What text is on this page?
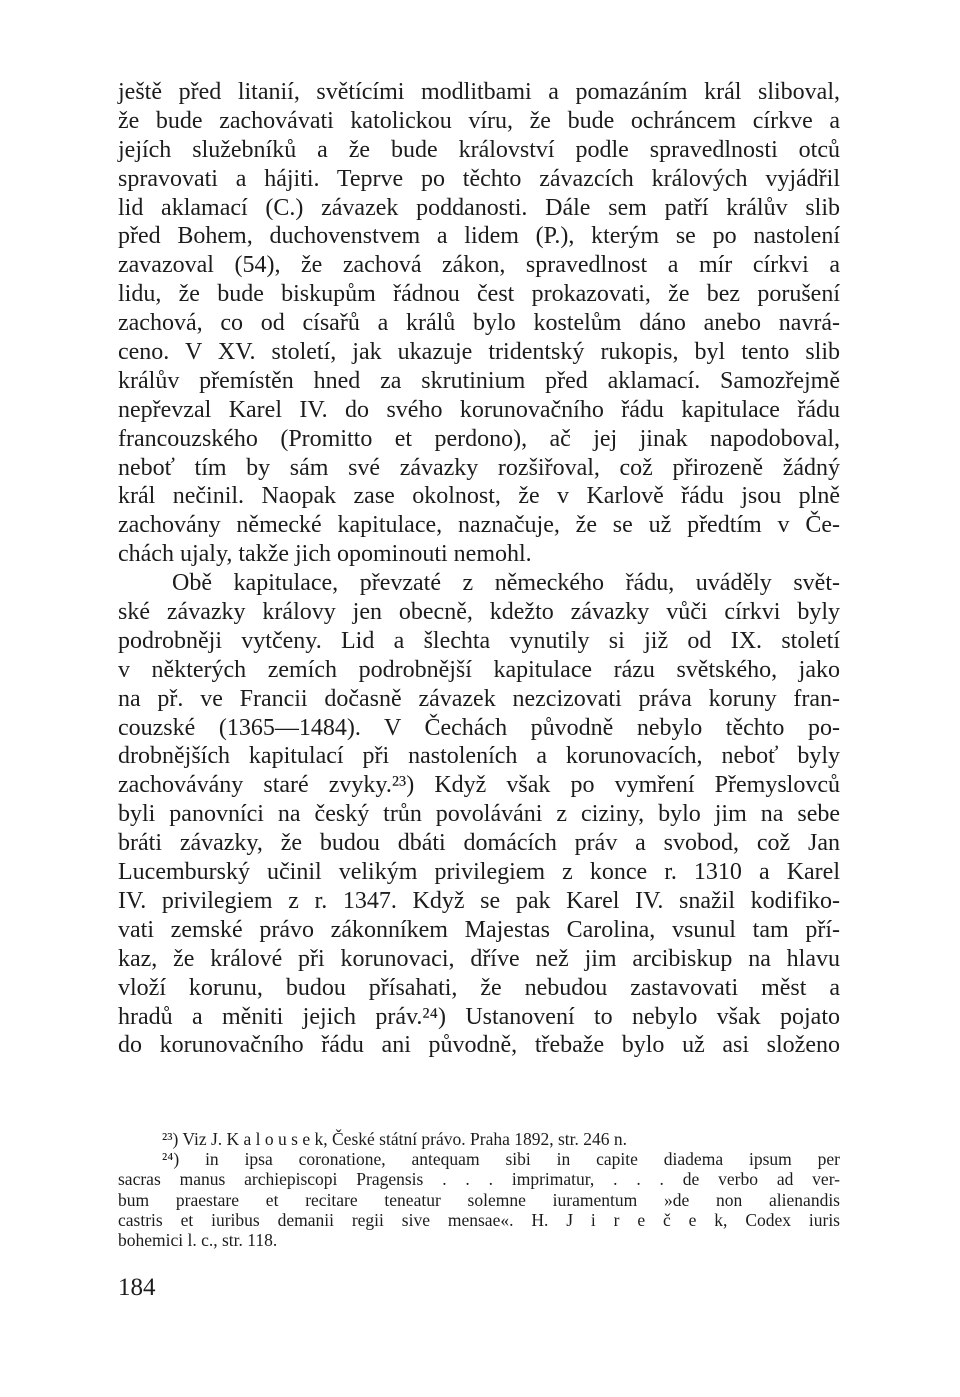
ještě před litanií, světícími modlitbami a pomazáním král sliboval,
že bude zachovávati katolickou víru, že bude ochráncem církve a
jejích služebníků a že bude království podle spravedlnosti otců
spravovati a hájiti. Teprve po těchto závazcích králových vyjádřil
lid aklamací (C.) závazek poddanosti. Dále sem patří králův slib
před Bohem, duchovenstvem a lidem (P.), kterým se po nastolení
zavazoval (54), že zachová zákon, spravedlnost a mír církvi a
lidu, že bude biskupům řádnou čest prokazovati, že bez porušení
zachová, co od císařů a králů bylo kostelům dáno anebo navrá-
ceno. V XV. století, jak ukazuje tridentský rukopis, byl tento slib
králův přemístěn hned za skrutinium před aklamací. Samozřejmě
nepřevzal Karel IV. do svého korunovačního řádu kapitulace řádu
francouzského (Promitto et perdono), ač jej jinak napodoboval,
neboť tím by sám své závazky rozšiřoval, což přirozeně žádný
král nečinil. Naopak zase okolnost, že v Karlově řádu jsou plně
zachovány německé kapitulace, naznačuje, že se už předtím v Če-
chách ujaly, takže jich opominouti nemohl.
Obě kapitulace, převzaté z německého řádu, uváděly svět-
ské závazky královy jen obecně, kdežto závazky vůči církvi byly
podrobněji vytčeny. Lid a šlechta vynutily si již od IX. století
v některých zemích podrobnější kapitulace rázu světského, jako
na př. ve Francii dočasně závazek nezcizovati práva koruny fran-
couzské (1365—1484). V Čechách původně nebylo těchto po-
drobnějších kapitulací při nastoleních a korunovacích, neboť byly
zachovávány staré zvyky.²³) Když však po vymření Přemyslovců
byli panovníci na český trůn povoláváni z ciziny, bylo jim na sebe
bráti závazky, že budou dbáti domácích práv a svobod, což Jan
Lucemburský učinil velikým privilegiem z konce r. 1310 a Karel
IV. privilegiem z r. 1347. Když se pak Karel IV. snažil kodifiko-
vati zemské právo zákonníkem Majestas Carolina, vsunul tam pří-
kaz, že králové při korunovaci, dříve než jim arcibiskup na hlavu
vloží korunu, budou přísahati, že nebudou zastavovati měst a
hradů a měniti jejich práv.²⁴) Ustanovení to nebylo však pojato
do korunovačního řádu ani původně, třebaže bylo už asi složeno
²³) Viz J. K a l o u s e k, České státní právo. Praha 1892, str. 246 n.
²⁴) in ipsa coronatione, antequam sibi in capite diadema ipsum per
sacras manus archiepiscopi Pragensis . . . imprimatur, . . . de verbo ad ver-
bum praestare et recitare teneatur solemne iuramentum »de non alienandis
castris et iuribus demanii regii sive mensae«. H. J i r e č e k, Codex iuris
bohemici l. c., str. 118.
184
